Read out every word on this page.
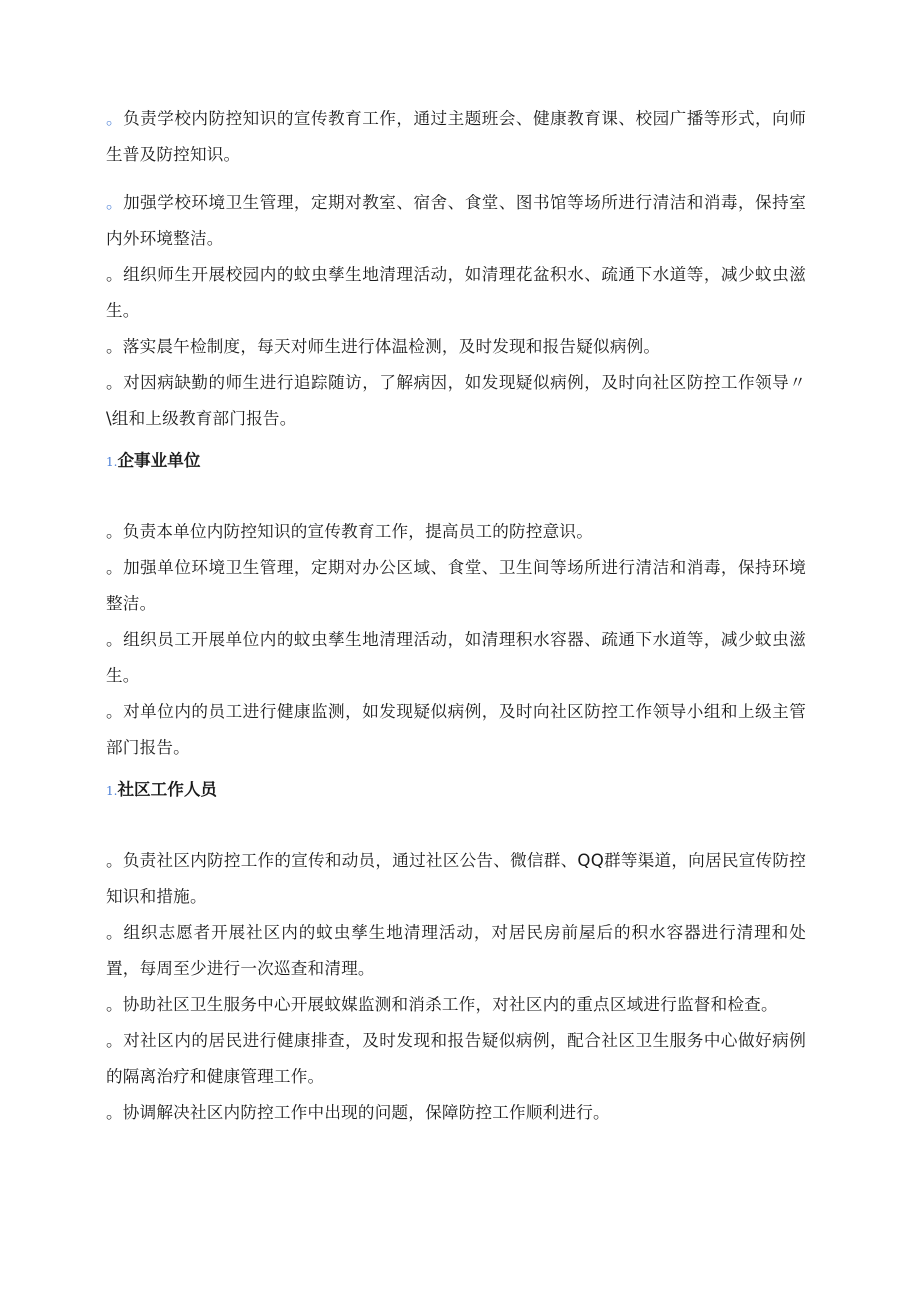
。负责学校内防控知识的宣传教育工作，通过主题班会、健康教育课、校园广播等形式，向师生普及防控知识。

。加强学校环境卫生管理，定期对教室、宿舍、食堂、图书馆等场所进行清洁和消毒，保持室内外环境整洁。

。组织师生开展校园内的蚊虫孳生地清理活动，如清理花盆积水、疏通下水道等，减少蚊虫滋生。

。落实晨午检制度，每天对师生进行体温检测，及时发现和报告疑似病例。

。对因病缺勤的师生进行追踪随访，了解病因，如发现疑似病例，及时向社区防控工作领导〃\组和上级教育部门报告。

1.企事业单位

。负责本单位内防控知识的宣传教育工作，提高员工的防控意识。

。加强单位环境卫生管理，定期对办公区域、食堂、卫生间等场所进行清洁和消毒，保持环境整洁。

。组织员工开展单位内的蚊虫孳生地清理活动，如清理积水容器、疏通下水道等，减少蚊虫滋生。

。对单位内的员工进行健康监测，如发现疑似病例，及时向社区防控工作领导小组和上级主管部门报告。

1.社区工作人员

。负责社区内防控工作的宣传和动员，通过社区公告、微信群、QQ群等渠道，向居民宣传防控知识和措施。

。组织志愿者开展社区内的蚊虫孳生地清理活动，对居民房前屋后的积水容器进行清理和处置，每周至少进行一次巡查和清理。

。协助社区卫生服务中心开展蚊媒监测和消杀工作，对社区内的重点区域进行监督和检查。

。对社区内的居民进行健康排查，及时发现和报告疑似病例，配合社区卫生服务中心做好病例的隔离治疗和健康管理工作。

。协调解决社区内防控工作中出现的问题，保障防控工作顺利进行。
